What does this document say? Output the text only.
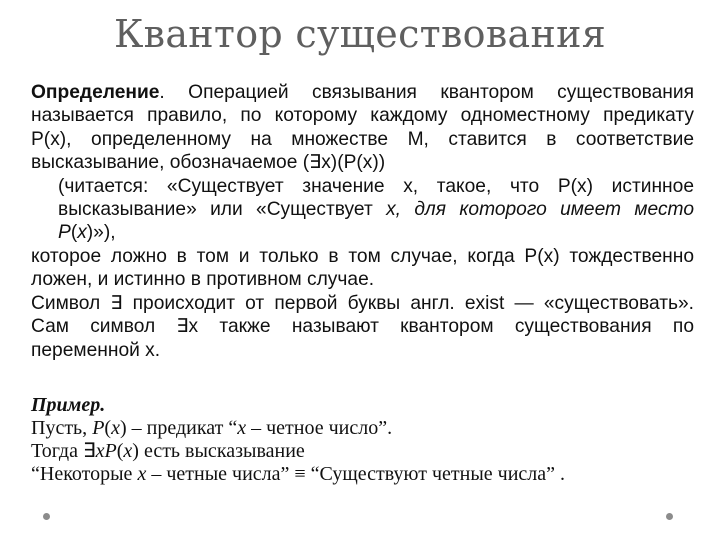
Квантор существования
Определение. Операцией связывания квантором существования
называется правило, по которому каждому одноместному предикату
Р(х), определенному на множестве М, ставится в соответствие
высказывание, обозначаемое (∃х)(Р(х))
(читается: «Существует значение х, такое, что Р(х) истинное
высказывание» или «Существует x, для которого имеет место P(x)»),
которое ложно в том и только в том случае, когда Р(х) тождественно
ложен, и истинно в противном случае.
Символ ∃ происходит от первой буквы англ. exist — «существовать».
Сам символ ∃х также называют квантором существования по
переменной х.
Пример.
Пусть, P(x) – предикат “x – четное число”.
Тогда ∃xP(x) есть высказывание
“Некоторые x – четные числа” ≡ “Существуют четные числа” .
